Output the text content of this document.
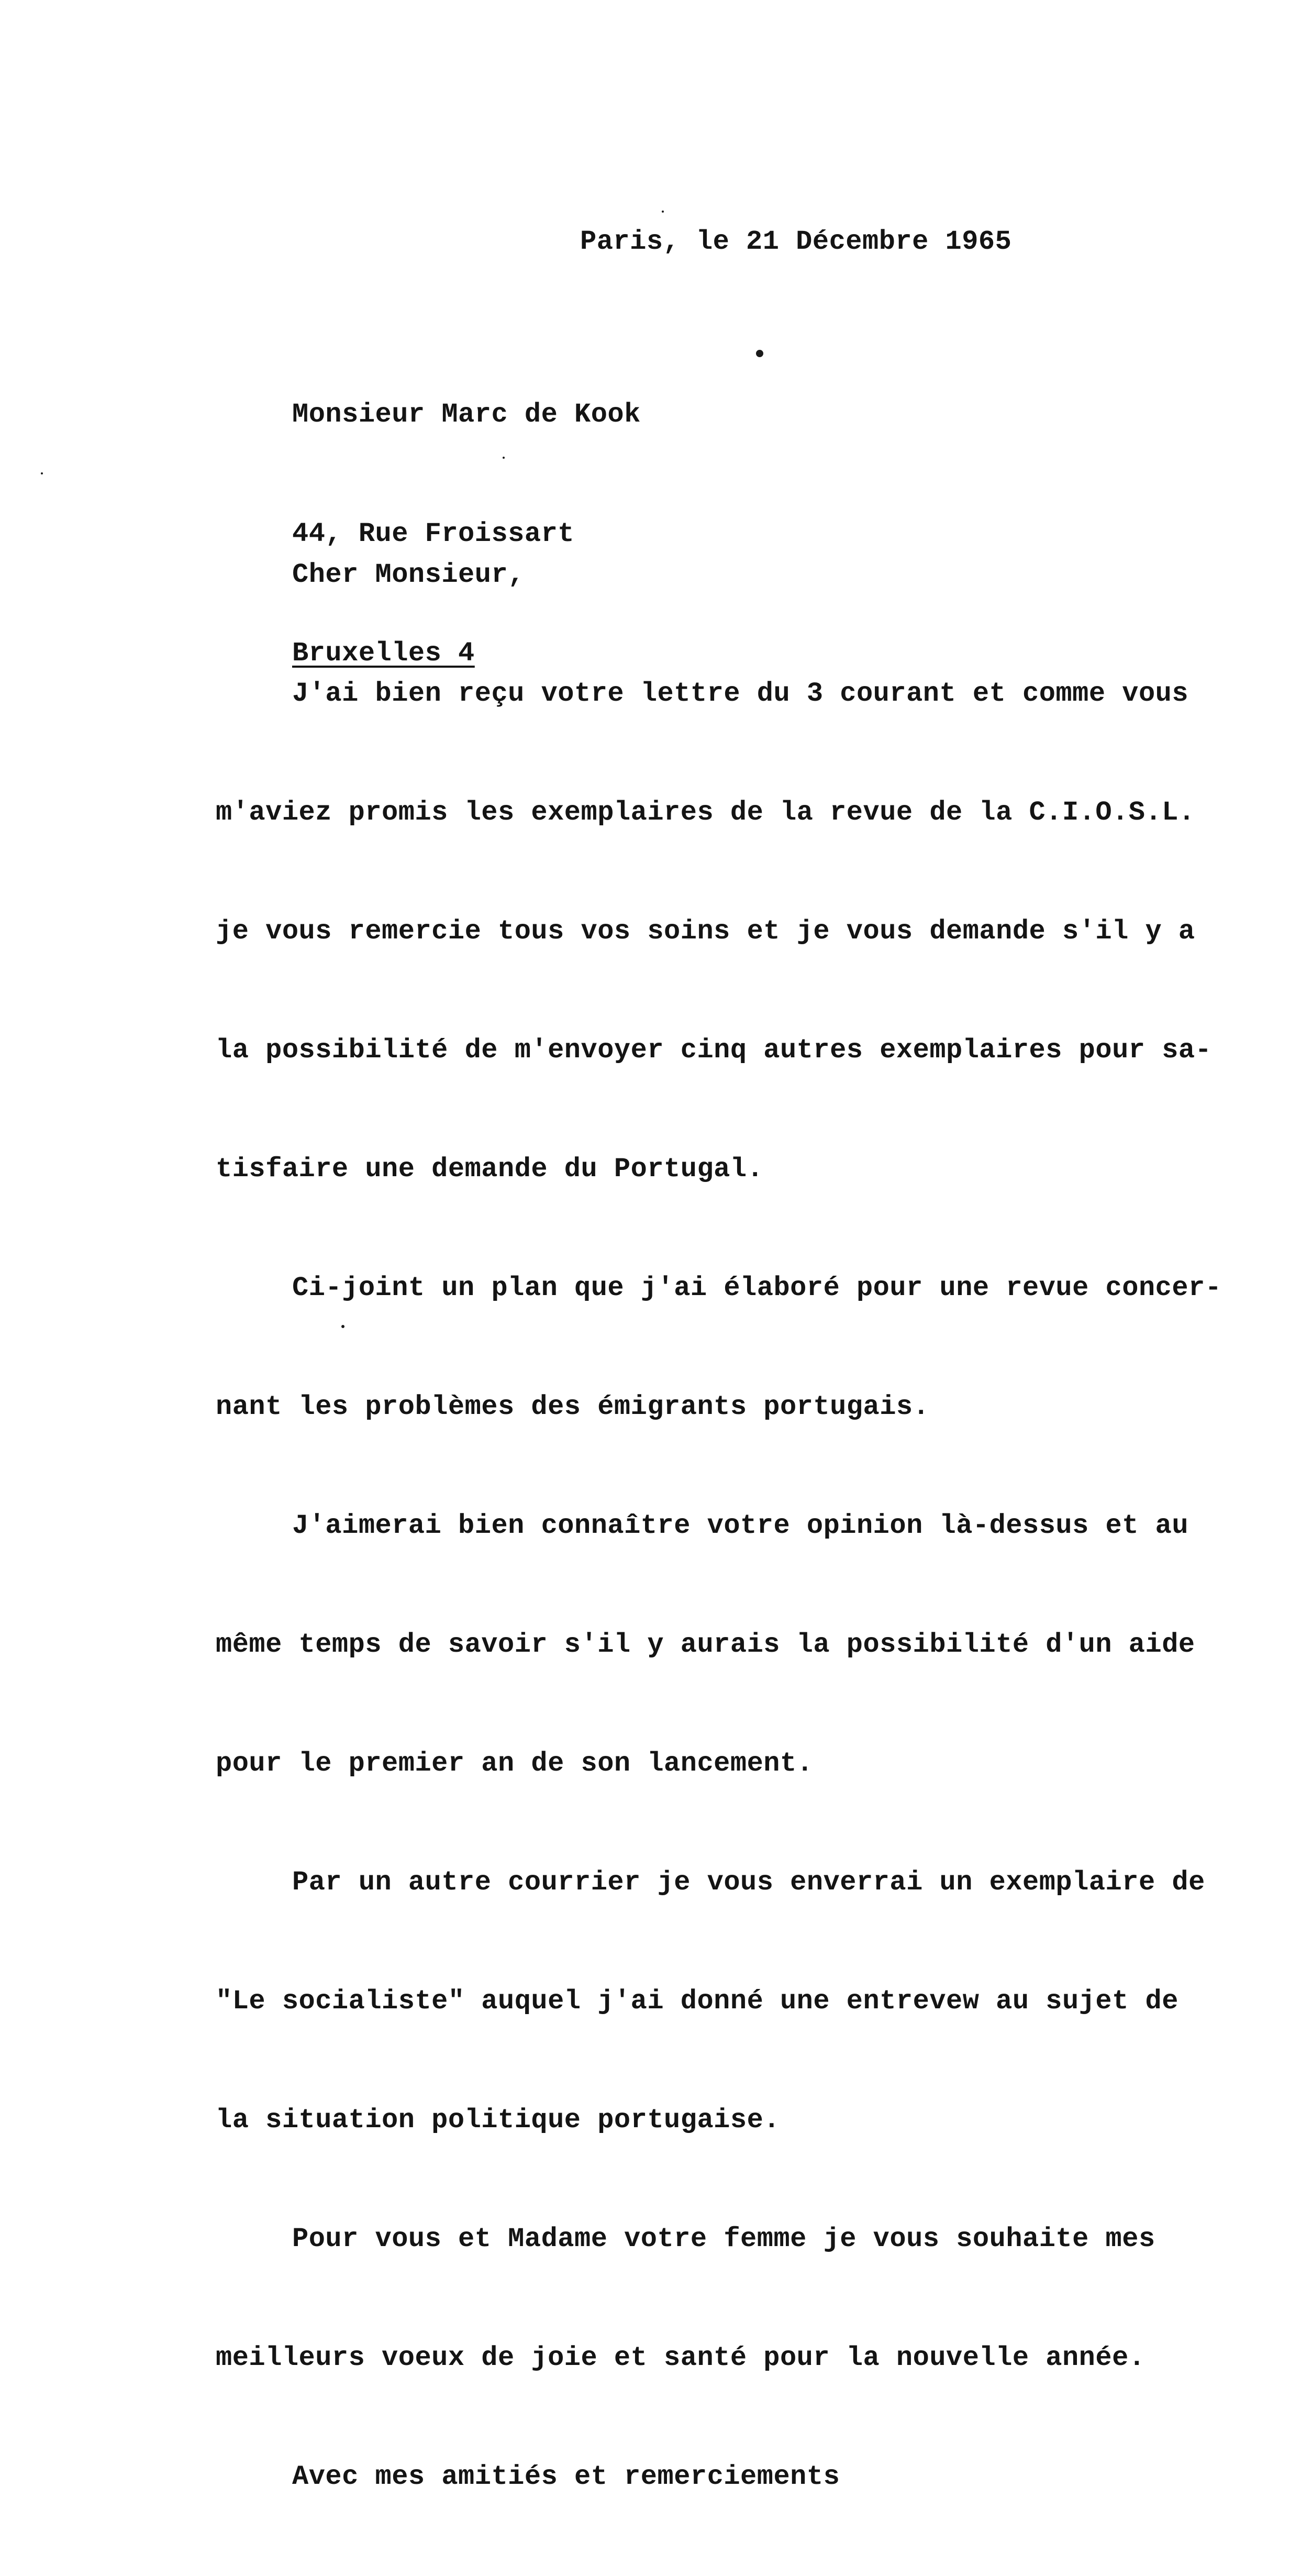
Paris, le 21 Décembre 1965

Monsieur Marc de Kook

44, Rue Froissart

Bruxelles 4

Cher Monsieur,

J'ai bien reçu votre lettre du 3 courant et comme vous

m'aviez promis les exemplaires de la revue de la C.I.O.S.L.

je vous remercie tous vos soins et je vous demande s'il y a

la possibilité de m'envoyer cinq autres exemplaires pour sa-

tisfaire une demande du Portugal.

Ci-joint un plan que j'ai élaboré pour une revue concer-

nant les problèmes des émigrants portugais.

J'aimerai bien connaître votre opinion là-dessus et au

même temps de savoir s'il y aurais la possibilité d'un aide

pour le premier an de son lancement.

Par un autre courrier je vous enverrai un exemplaire de

"Le socialiste" auquel j'ai donné une entrevew au sujet de

la situation politique portugaise.

Pour vous et Madame votre femme je vous souhaite mes

meilleurs voeux de joie et santé pour la nouvelle année.

Avec mes amitiés et remerciements
